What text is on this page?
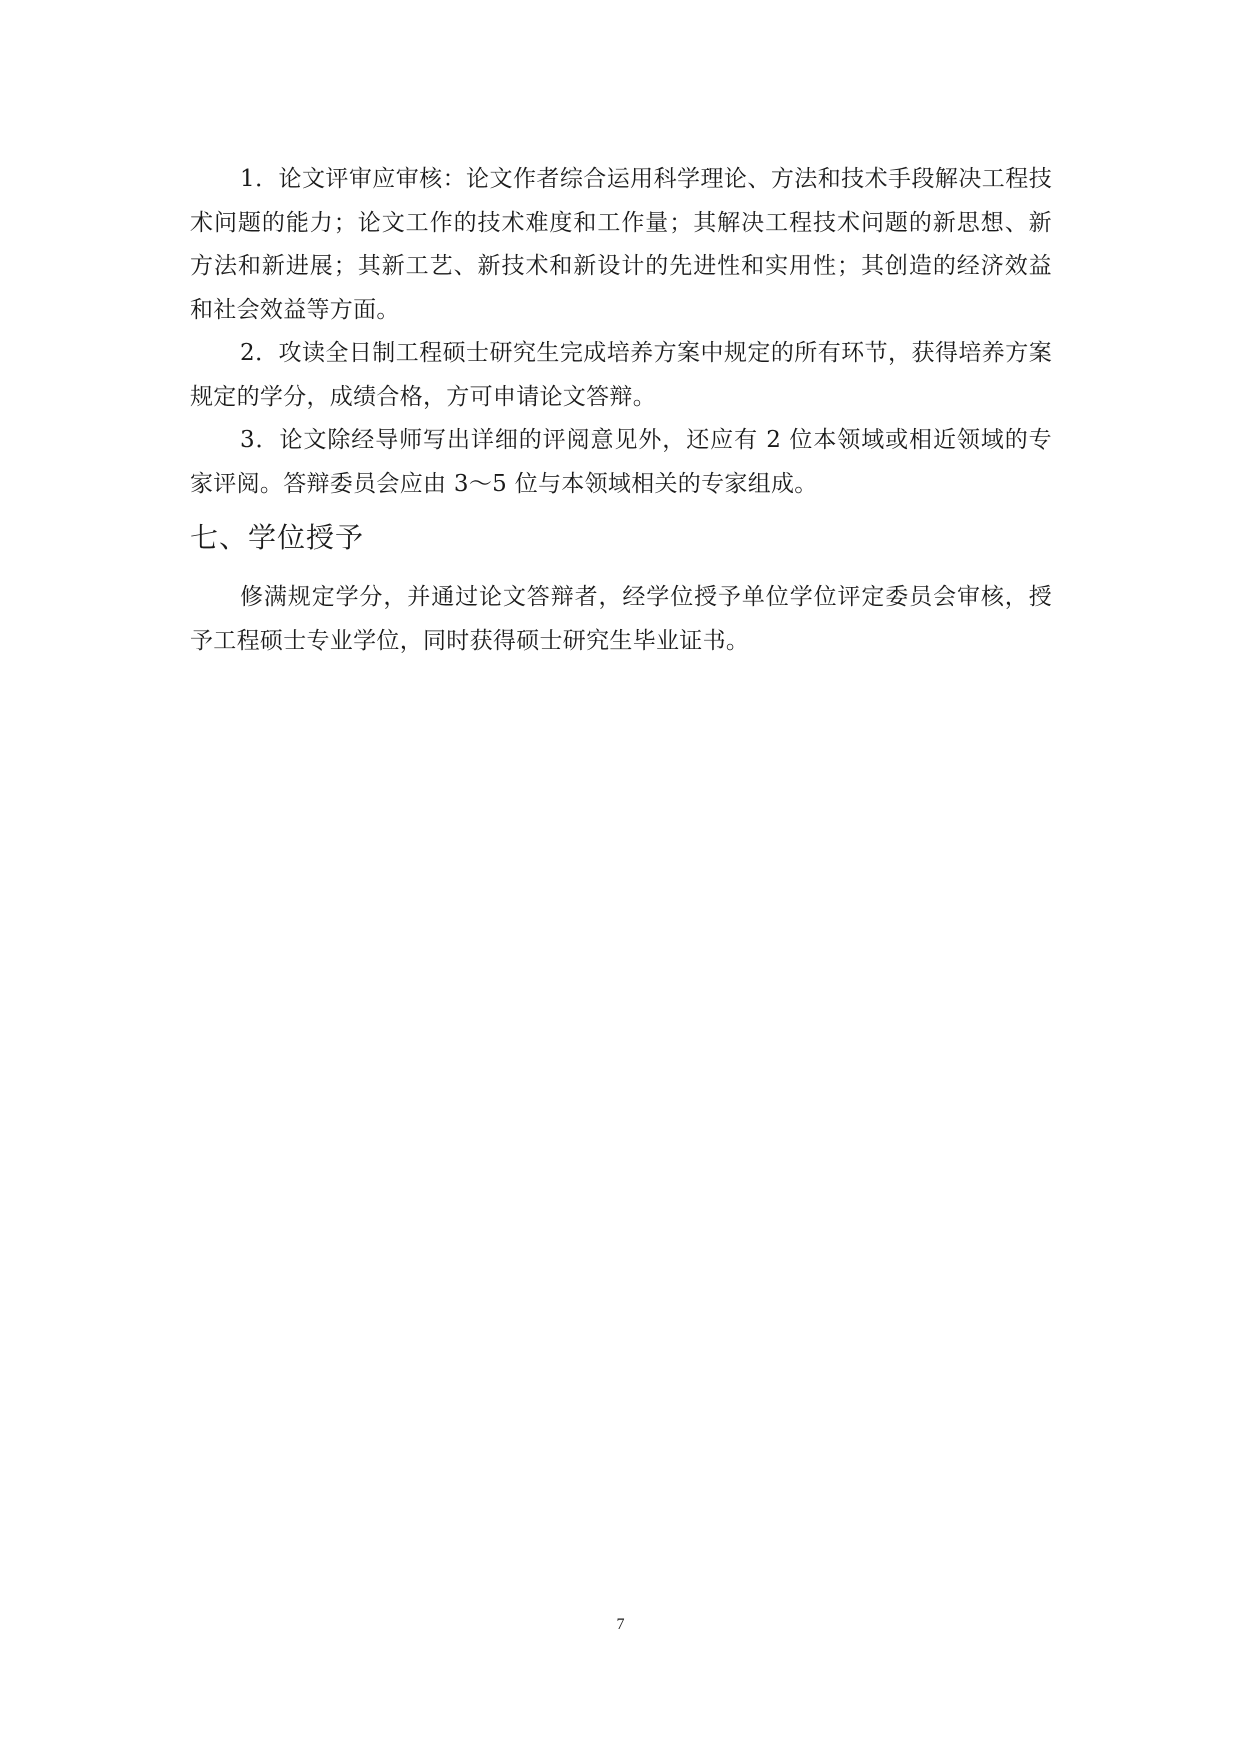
1．论文评审应审核：论文作者综合运用科学理论、方法和技术手段解决工程技术问题的能力；论文工作的技术难度和工作量；其解决工程技术问题的新思想、新方法和新进展；其新工艺、新技术和新设计的先进性和实用性；其创造的经济效益和社会效益等方面。

2．攻读全日制工程硕士研究生完成培养方案中规定的所有环节，获得培养方案规定的学分，成绩合格，方可申请论文答辩。

3．论文除经导师写出详细的评阅意见外，还应有 2 位本领域或相近领域的专家评阅。答辩委员会应由 3～5 位与本领域相关的专家组成。

七、学位授予

修满规定学分，并通过论文答辩者，经学位授予单位学位评定委员会审核，授予工程硕士专业学位，同时获得硕士研究生毕业证书。

7
